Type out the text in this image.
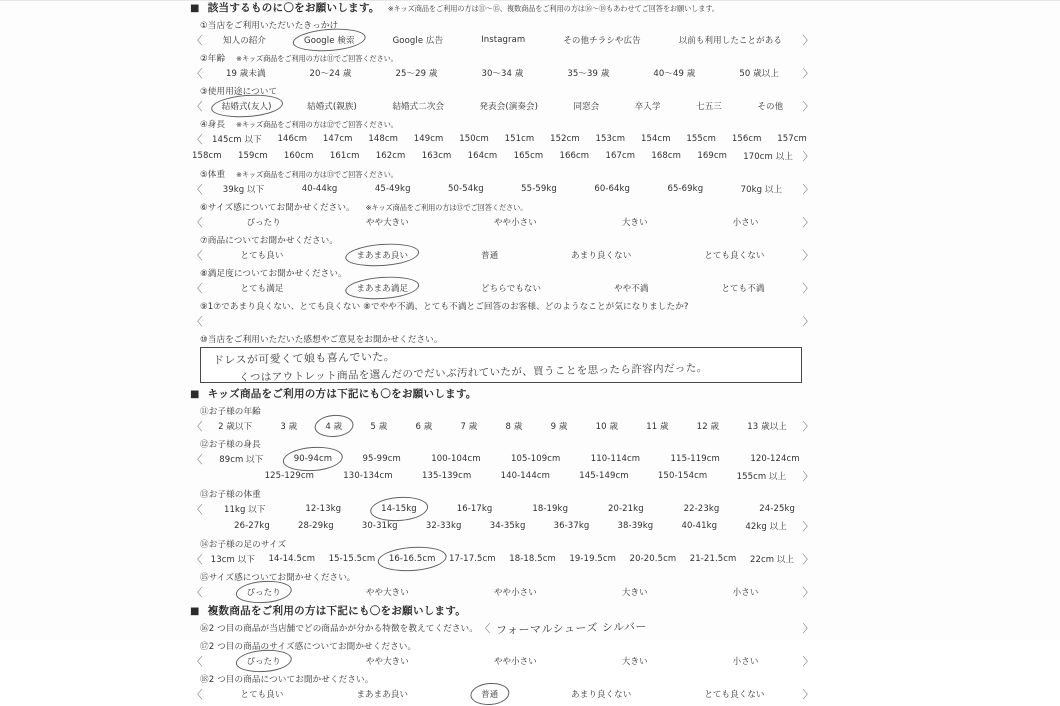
■ 該当するものに〇をお願いします。 ※キッズ商品をご利用の方は⑪〜⑮、複数商品をご利用の方は⑯〜⑱もあわせてご回答をお願いします。
①当店をご利用いただいたきっかけ
〈 知人の紹介	Google 検索	Google 広告	Instagram	その他チラシや広告	以前も利用したことがある 〉
②年齢 ※キッズ商品をご利用の方は⑪でご回答ください。
〈	19 歳未満	20〜24 歳	25〜29 歳	30〜34 歳	35〜39 歳	40〜49 歳	50 歳以上 〉
③使用用途について
〈 結婚式(友人)	結婚式(親族)	結婚式二次会	発表会(演奏会)	同窓会	卒入学	七五三	その他 〉
④身長 ※キッズ商品をご利用の方は⑫でご回答ください。
〈 145cm 以下 146cm 147cm 148cm 149cm 150cm 151cm 152cm 153cm 154cm 155cm 156cm 157cm
158cm 159cm 160cm 161cm 162cm 163cm 164cm 165cm 166cm 167cm 168cm 169cm 170cm 以上 〉
⑤体重 ※キッズ商品をご利用の方は⑬でご回答ください。
〈 39kg 以下	40-44kg	45-49kg	50-54kg	55-59kg	60-64kg	65-69kg	70kg 以上 〉
⑥サイズ感についてお聞かせください。 ※キッズ商品をご利用の方は⑮でご回答ください。
〈	ぴったり	やや大きい	やや小さい	大きい	小さい	〉
⑦商品についてお聞かせください。
〈	とても良い	まあまあ良い	普通	あまり良くない	とても良くない	〉
⑧満足度についてお聞かせください。
〈	とても満足	まあまあ満足	どちらでもない	やや不満	とても不満	〉
⑨1⑦であまり良くない、とても良くない ⑧でやや不満、とても不満とご回答のお客様、どのようなことが気になりましたか?
〈	〉
⑩当店をご利用いただいた感想やご意見をお聞かせください。
ドレスが可愛くて娘も喜んでいた。
くつはアウトレット商品を選んだのでだいぶ汚れていたが、買うことを思ったら許容内だった。
■ キッズ商品をご利用の方は下記にも〇をお願いします。
⑪お子様の年齢
〈 2 歳以下	3 歳	4 歳	5 歳	6 歳	7 歳	8 歳	9 歳	10 歳	11 歳	12 歳	13 歳以上 〉
⑫お子様の身長
〈 89cm 以下	90-94cm	95-99cm	100-104cm	105-109cm	110-114cm	115-119cm	120-124cm
125-129cm	130-134cm	135-139cm	140-144cm	145-149cm	150-154cm	155cm 以上 〉
⑬お子様の体重
〈	11kg 以下	12-13kg	14-15kg	16-17kg	18-19kg	20-21kg	22-23kg	24-25kg
26-27kg	28-29kg	30-31kg	32-33kg	34-35kg	36-37kg	38-39kg	40-41kg	42kg 以上 〉
⑭お子様の足のサイズ
〈 13cm 以下 14-14.5cm 15-15.5cm 16-16.5cm 17-17.5cm 18-18.5cm 19-19.5cm 20-20.5cm 21-21.5cm 22cm 以上 〉
⑮サイズ感についてお聞かせください。
〈	ぴったり	やや大きい	やや小さい	大きい	小さい	〉
■ 複数商品をご利用の方は下記にも〇をお願いします。
⑯2 つ目の商品が当店舗でどの商品かが分かる特徴を教えてください。 〈 フォーマルシューズ シルバー	〉
⑰2 つ目の商品のサイズ感についてお聞かせください。
〈	ぴったり	やや大きい	やや小さい	大きい	小さい	〉
⑱2 つ目の商品についてお聞かせください。
〈	とても良い	まあまあ良い	普通	あまり良くない	とても良くない	〉
